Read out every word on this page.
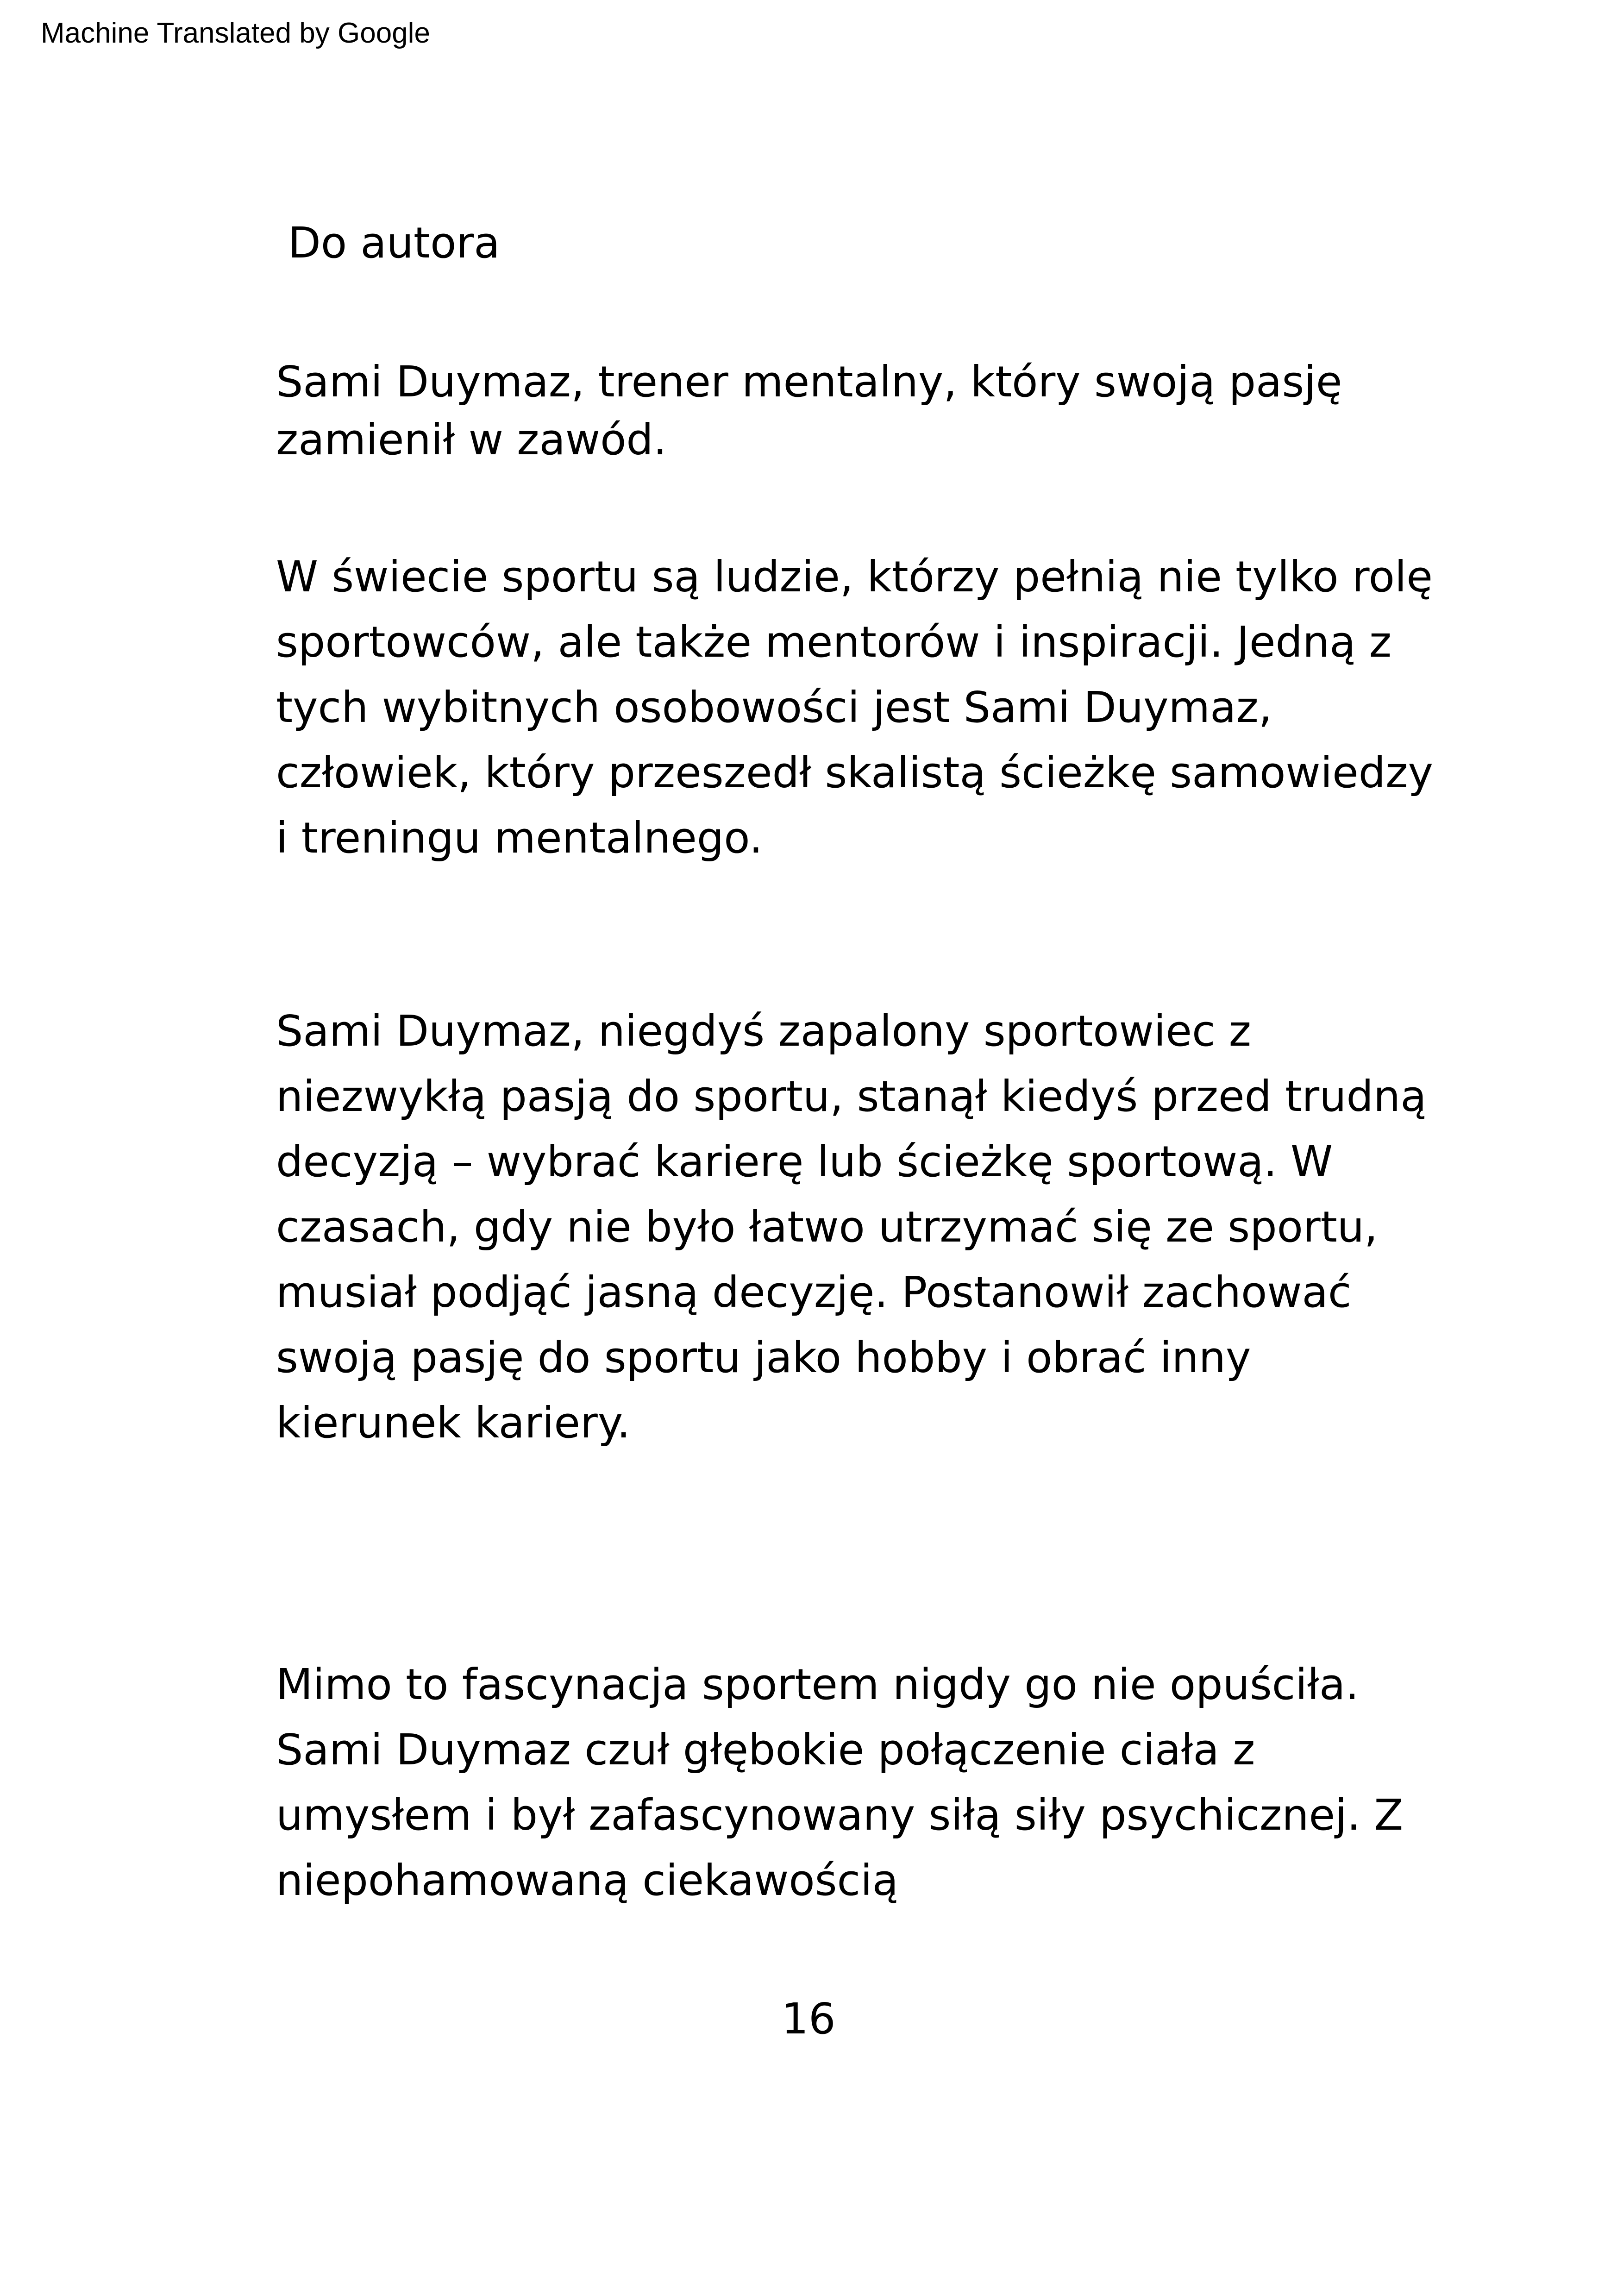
Machine Translated by Google
Do autora

Sami Duymaz, trener mentalny, który swoją pasję
zamienił w zawód.

W świecie sportu są ludzie, którzy pełnią nie tylko rolę
sportowców, ale także mentorów i inspiracji. Jedną z
tych wybitnych osobowości jest Sami Duymaz,
człowiek, który przeszedł skalistą ścieżkę samowiedzy
i treningu mentalnego.

Sami Duymaz, niegdyś zapalony sportowiec z
niezwykłą pasją do sportu, stanął kiedyś przed trudną
decyzją – wybrać karierę lub ścieżkę sportową. W
czasach, gdy nie było łatwo utrzymać się ze sportu,
musiał podjąć jasną decyzję. Postanowił zachować
swoją pasję do sportu jako hobby i obrać inny
kierunek kariery.

Mimo to fascynacja sportem nigdy go nie opuściła.
Sami Duymaz czuł głębokie połączenie ciała z
umysłem i był zafascynowany siłą siły psychicznej. Z
niepohamowaną ciekawością

16
